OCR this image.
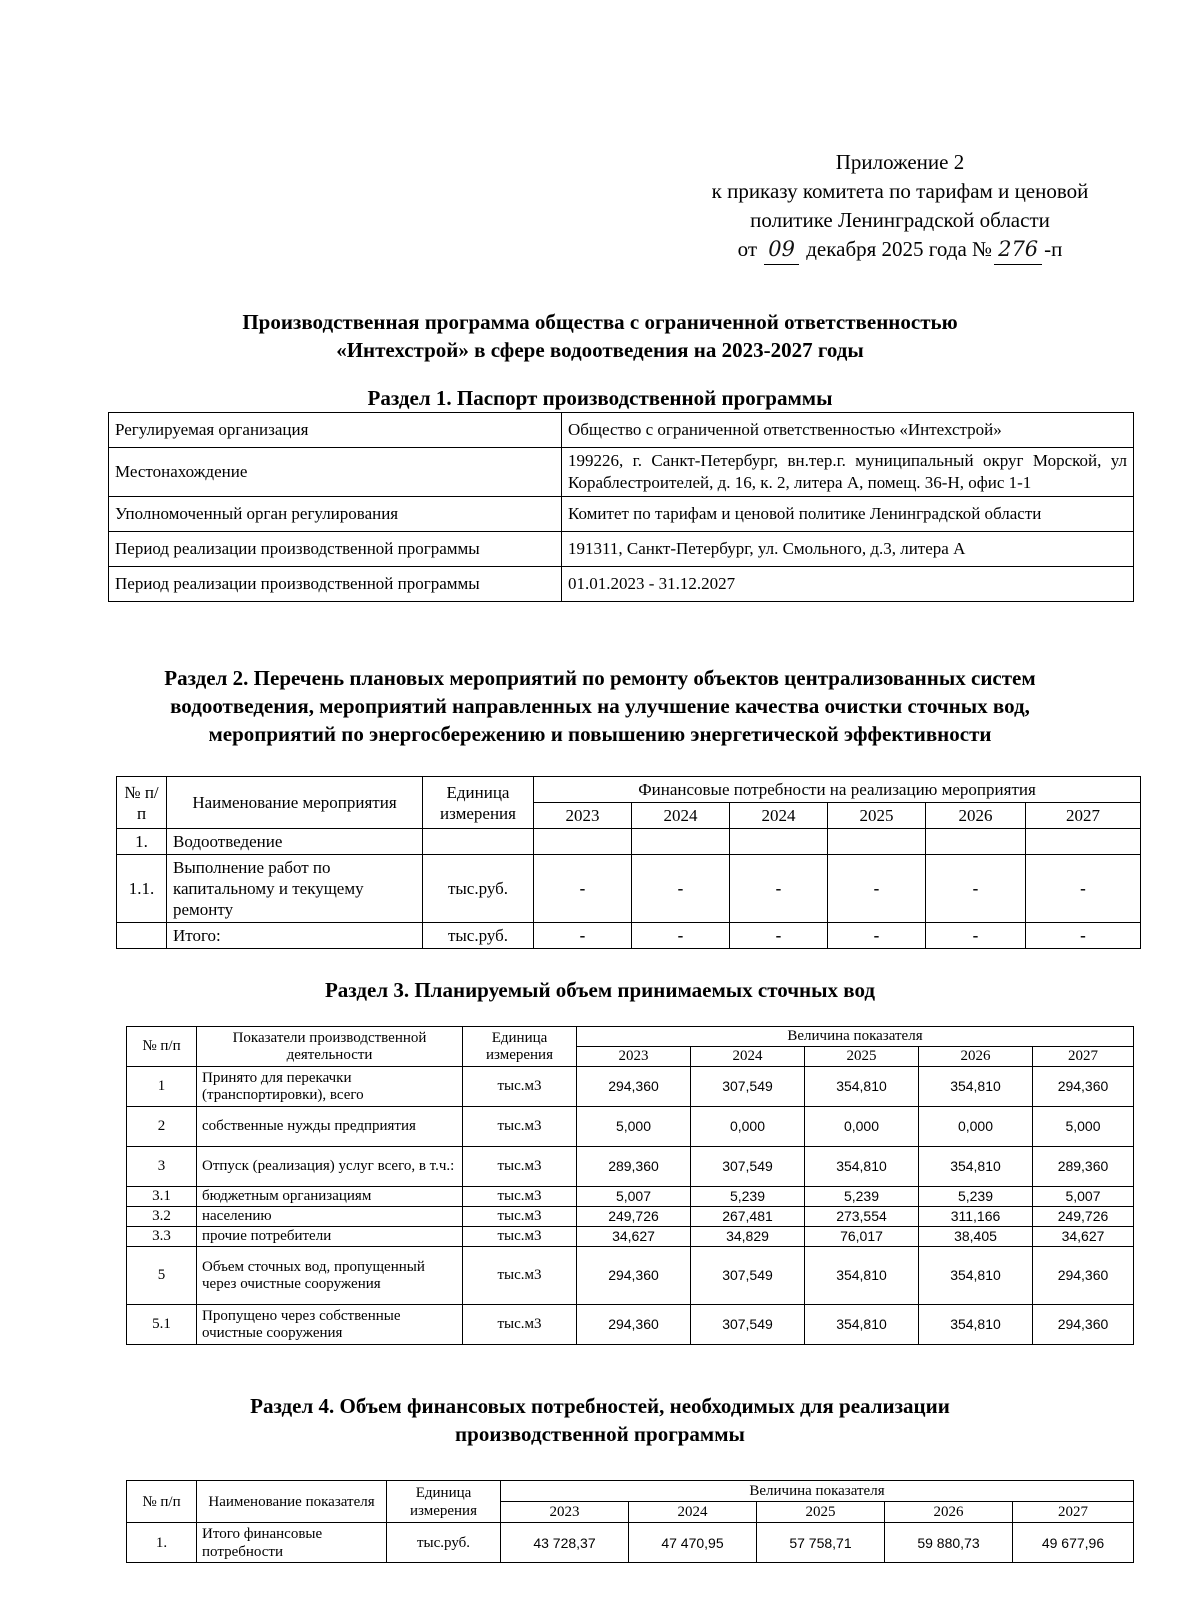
Приложение 2
к приказу комитета по тарифам и ценовой
политике Ленинградской области
от 09 декабря 2025 года № 276 -п
Производственная программа общества с ограниченной ответственностью
«Интехстрой» в сфере водоотведения на 2023-2027 годы
Раздел 1. Паспорт производственной программы
Регулируемая организация	Общество с ограниченной ответственностью «Интехстрой»
Местонахождение	199226, г. Санкт-Петербург, вн.тер.г. муниципальный округ Морской, ул Кораблестроителей, д. 16, к. 2, литера А, помещ. 36-Н, офис 1-1
Уполномоченный орган регулирования	Комитет по тарифам и ценовой политике Ленинградской области
Период реализации производственной программы	191311, Санкт-Петербург, ул. Смольного, д.3, литера А
Период реализации производственной программы	01.01.2023 - 31.12.2027
Раздел 2. Перечень плановых мероприятий по ремонту объектов централизованных систем
водоотведения, мероприятий направленных на улучшение качества очистки сточных вод,
мероприятий по энергосбережению и повышению энергетической эффективности
№ п/п	Наименование мероприятия	Единица измерения	Финансовые потребности на реализацию мероприятия					
			2023	2024	2024	2025	2026	2027
1.	Водоотведение							
1.1.	Выполнение работ по капитальному и текущему ремонту	тыс.руб.	-	-	-	-	-	-
	Итого:	тыс.руб.	-	-	-	-	-	-
Раздел 3. Планируемый объем принимаемых сточных вод
№ п/п	Показатели производственной деятельности	Единица измерения	Величина показателя				
			2023	2024	2025	2026	2027
1	Принято для перекачки (транспортировки), всего	тыс.м3	294,360	307,549	354,810	354,810	294,360
2	собственные нужды предприятия	тыс.м3	5,000	0,000	0,000	0,000	5,000
3	Отпуск (реализация) услуг всего, в т.ч.:	тыс.м3	289,360	307,549	354,810	354,810	289,360
3.1	бюджетным организациям	тыс.м3	5,007	5,239	5,239	5,239	5,007
3.2	населению	тыс.м3	249,726	267,481	273,554	311,166	249,726
3.3	прочие потребители	тыс.м3	34,627	34,829	76,017	38,405	34,627
5	Объем сточных вод, пропущенный через очистные сооружения	тыс.м3	294,360	307,549	354,810	354,810	294,360
5.1	Пропущено через собственные очистные сооружения	тыс.м3	294,360	307,549	354,810	354,810	294,360
Раздел 4. Объем финансовых потребностей, необходимых для реализации
производственной программы
№ п/п	Наименование показателя	Единица измерения	Величина показателя				
			2023	2024	2025	2026	2027
1.	Итого финансовые потребности	тыс.руб.	43 728,37	47 470,95	57 758,71	59 880,73	49 677,96
